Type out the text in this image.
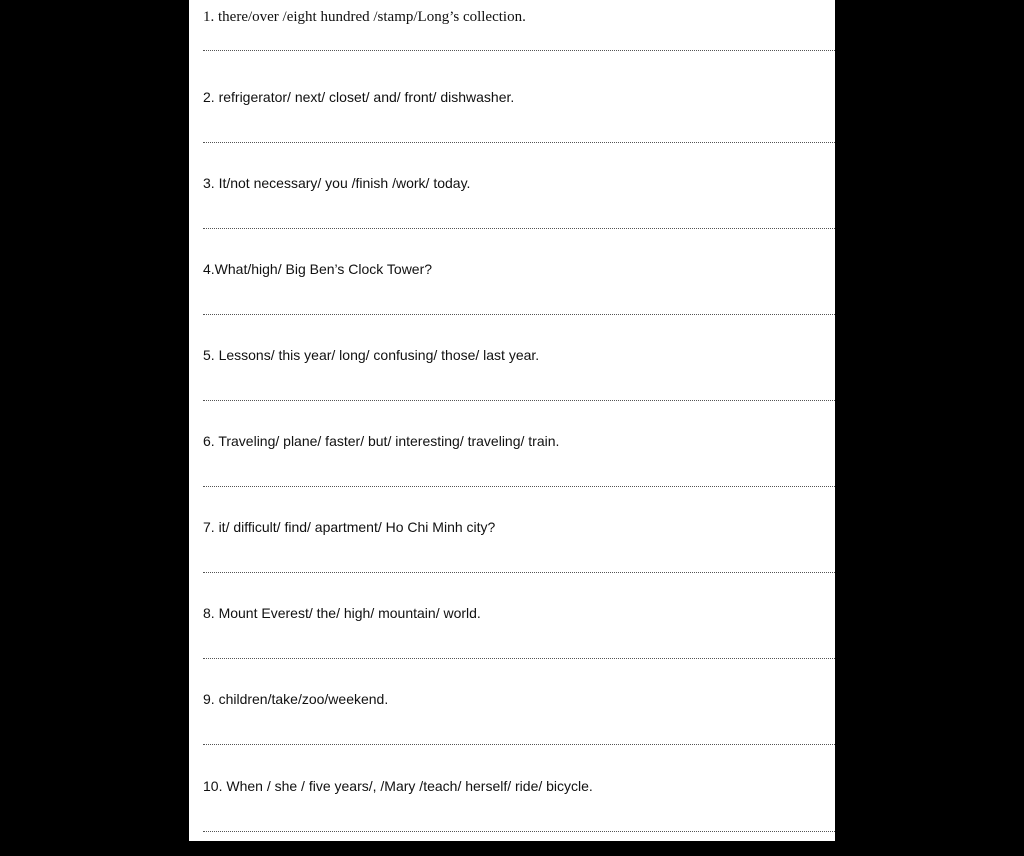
1. there/over /eight hundred /stamp/Long’s collection.
2. refrigerator/ next/ closet/ and/ front/ dishwasher.
3. It/not necessary/ you /finish /work/ today.
4.What/high/ Big Ben’s Clock Tower?
5. Lessons/ this year/ long/ confusing/ those/ last year.
6. Traveling/ plane/ faster/ but/ interesting/ traveling/ train.
7. it/ difficult/ find/ apartment/ Ho Chi Minh city?
8. Mount Everest/ the/ high/ mountain/ world.
9. children/take/zoo/weekend.
10. When / she / five years/, /Mary /teach/ herself/ ride/ bicycle.
